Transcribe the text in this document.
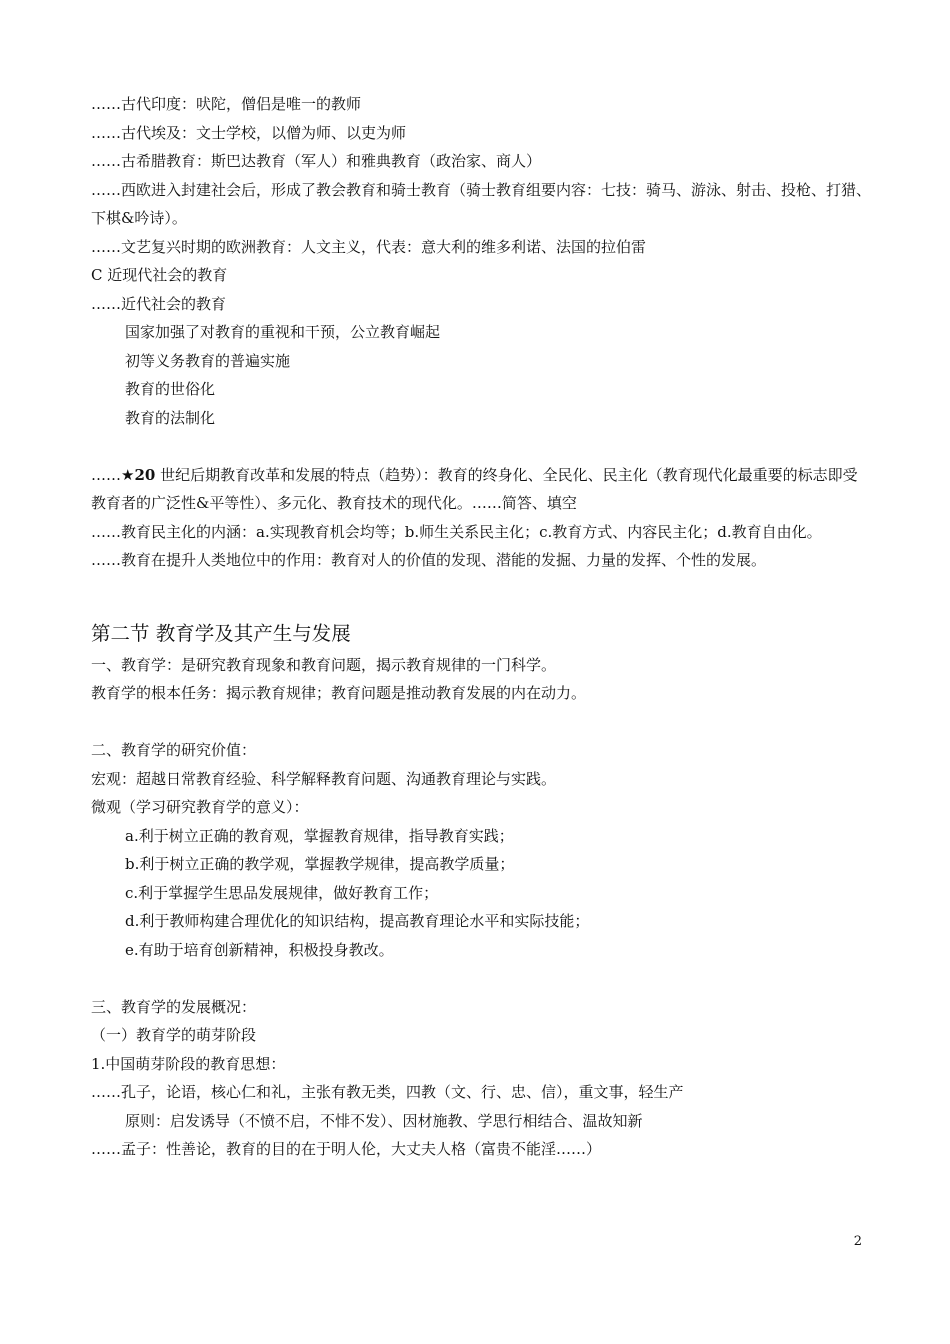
……古代印度：吠陀，僧侣是唯一的教师
……古代埃及：文士学校，以僧为师、以吏为师
……古希腊教育：斯巴达教育（军人）和雅典教育（政治家、商人）
……西欧进入封建社会后，形成了教会教育和骑士教育（骑士教育组要内容：七技：骑马、游泳、射击、投枪、打猎、下棋&吟诗）。
……文艺复兴时期的欧洲教育：人文主义，代表：意大利的维多利诺、法国的拉伯雷
C 近现代社会的教育
……近代社会的教育
国家加强了对教育的重视和干预，公立教育崛起
初等义务教育的普遍实施
教育的世俗化
教育的法制化
……★20 世纪后期教育改革和发展的特点（趋势）：教育的终身化、全民化、民主化（教育现代化最重要的标志即受教育者的广泛性&平等性）、多元化、教育技术的现代化。……简答、填空
……教育民主化的内涵：a.实现教育机会均等；b.师生关系民主化；c.教育方式、内容民主化；d.教育自由化。
……教育在提升人类地位中的作用：教育对人的价值的发现、潜能的发掘、力量的发挥、个性的发展。
第二节 教育学及其产生与发展
一、教育学：是研究教育现象和教育问题，揭示教育规律的一门科学。
教育学的根本任务：揭示教育规律；教育问题是推动教育发展的内在动力。
二、教育学的研究价值：
宏观：超越日常教育经验、科学解释教育问题、沟通教育理论与实践。
微观（学习研究教育学的意义）：
a.利于树立正确的教育观，掌握教育规律，指导教育实践；
b.利于树立正确的教学观，掌握教学规律，提高教学质量；
c.利于掌握学生思品发展规律，做好教育工作；
d.利于教师构建合理优化的知识结构，提高教育理论水平和实际技能；
e.有助于培育创新精神，积极投身教改。
三、教育学的发展概况：
（一）教育学的萌芽阶段
1.中国萌芽阶段的教育思想：
……孔子，论语，核心仁和礼，主张有教无类，四教（文、行、忠、信），重文事，轻生产
原则：启发诱导（不愤不启，不悱不发）、因材施教、学思行相结合、温故知新
……孟子：性善论，教育的目的在于明人伦，大丈夫人格（富贵不能淫……）
2
